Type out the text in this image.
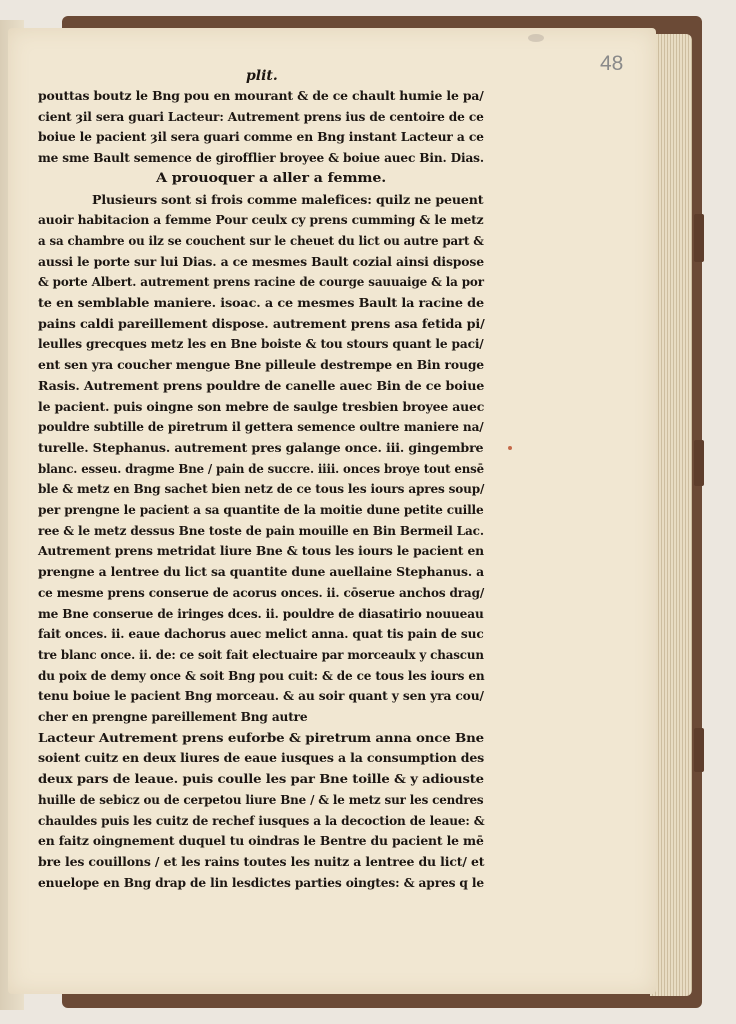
48
plit.
pouttas boutz le Bng pou en mourant & de ce chault humie le pa/
cient ȝil sera guari Lacteur: Autrement prens ius de centoire de ce
boiue le pacient ȝil sera guari comme en Bng instant Lacteur a ce
me sme Bault semence de girofflier broyee & boiue auec Bin. Dias.
A prouoquer a aller a femme.
Plusieurs sont si frois comme malefices: quilz ne peuent
auoir habitacion a femme Pour ceulx cy prens cumming & le metz
a sa chambre ou ilz se couchent sur le cheuet du lict ou autre part &
aussi le porte sur lui Dias. a ce mesmes Bault cozial ainsi dispose
& porte Albert. autrement prens racine de courge sauuaige & la por
te en semblable maniere. isoac. a ce mesmes Bault la racine de
pains caldi pareillement dispose. autrement prens asa fetida pi/
leulles grecques metz les en Bne boiste & tou stours quant le paci/
ent sen yra coucher mengue Bne pilleule destrempe en Bin rouge
Rasis. Autrement prens pouldre de canelle auec Bin de ce boiue
le pacient. puis oingne son mebre de saulge tresbien broyee auec
pouldre subtille de piretrum il gettera semence oultre maniere na/
turelle. Stephanus. autrement pres galange once. iii. gingembre
blanc. esseu. dragme Bne / pain de succre. iiii. onces broye tout ensē
ble & metz en Bng sachet bien netz de ce tous les iours apres soup/
per prengne le pacient a sa quantite de la moitie dune petite cuille
ree & le metz dessus Bne toste de pain mouille en Bin Bermeil Lac.
Autrement prens metridat liure Bne & tous les iours le pacient en
prengne a lentree du lict sa quantite dune auellaine Stephanus. a
ce mesme prens conserue de acorus onces. ii. cōserue anchos drag/
me Bne conserue de iringes dces. ii. pouldre de diasatirio nouueau
fait onces. ii. eaue dachorus auec melict anna. quat tis pain de suc
tre blanc once. ii. de: ce soit fait electuaire par morceaulx y chascun
du poix de demy once & soit Bng pou cuit: & de ce tous les iours en
tenu boiue le pacient Bng morceau. & au soir quant y sen yra cou/
cher en prengne pareillement Bng autre
Lacteur Autrement prens euforbe & piretrum anna once Bne
soient cuitz en deux liures de eaue iusques a la consumption des
deux pars de leaue. puis coulle les par Bne toille & y adiouste
huille de sebicz ou de cerpetou liure Bne / & le metz sur les cendres
chauldes puis les cuitz de rechef iusques a la decoction de leaue: &
en faitz oingnement duquel tu oindras le Bentre du pacient le mē
bre les couillons / et les rains toutes les nuitz a lentree du lict/ et
enuelope en Bng drap de lin lesdictes parties oingtes: & apres q le
